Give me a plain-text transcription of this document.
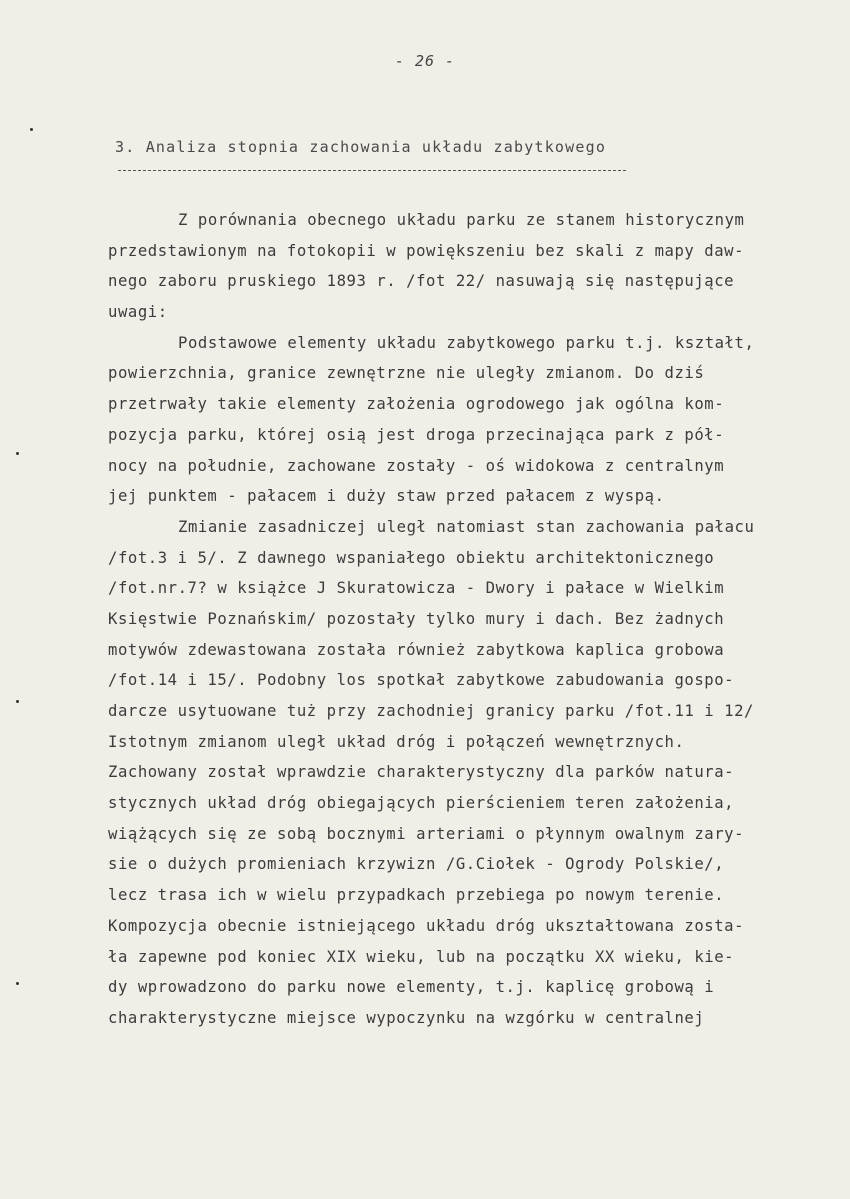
- 26 -
3. Analiza stopnia zachowania układu zabytkowego
Z porównania obecnego układu parku ze stanem historycznym
przedstawionym na fotokopii w powiększeniu bez skali z mapy daw-
nego zaboru pruskiego 1893 r. /fot 22/ nasuwają się następujące
uwagi:
Podstawowe elementy układu zabytkowego parku t.j. kształt,
powierzchnia, granice zewnętrzne nie uległy zmianom. Do dziś
przetrwały takie elementy założenia ogrodowego jak ogólna kom-
pozycja parku, której osią jest droga przecinająca park z pół-
nocy na południe, zachowane zostały - oś widokowa z centralnym
jej punktem - pałacem i duży staw przed pałacem z wyspą.
Zmianie zasadniczej uległ natomiast stan zachowania pałacu
/fot.3 i 5/. Z dawnego wspaniałego obiektu architektonicznego
/fot.nr.7? w książce J Skuratowicza - Dwory i pałace w Wielkim
Księstwie Poznańskim/ pozostały tylko mury i dach. Bez żadnych
motywów zdewastowana została również zabytkowa kaplica grobowa
/fot.14 i 15/. Podobny los spotkał zabytkowe zabudowania gospo-
darcze usytuowane tuż przy zachodniej granicy parku /fot.11 i 12/
Istotnym zmianom uległ układ dróg i połączeń wewnętrznych.
Zachowany został wprawdzie charakterystyczny dla parków natura-
stycznych układ dróg obiegających pierścieniem teren założenia,
wiążących się ze sobą bocznymi arteriami o płynnym owalnym zary-
sie o dużych promieniach krzywizn /G.Ciołek - Ogrody Polskie/,
lecz trasa ich w wielu przypadkach przebiega po nowym terenie.
Kompozycja obecnie istniejącego układu dróg ukształtowana zosta-
ła zapewne pod koniec XIX wieku, lub na początku XX wieku, kie-
dy wprowadzono do parku nowe elementy, t.j. kaplicę grobową i
charakterystyczne miejsce wypoczynku na wzgórku w centralnej
